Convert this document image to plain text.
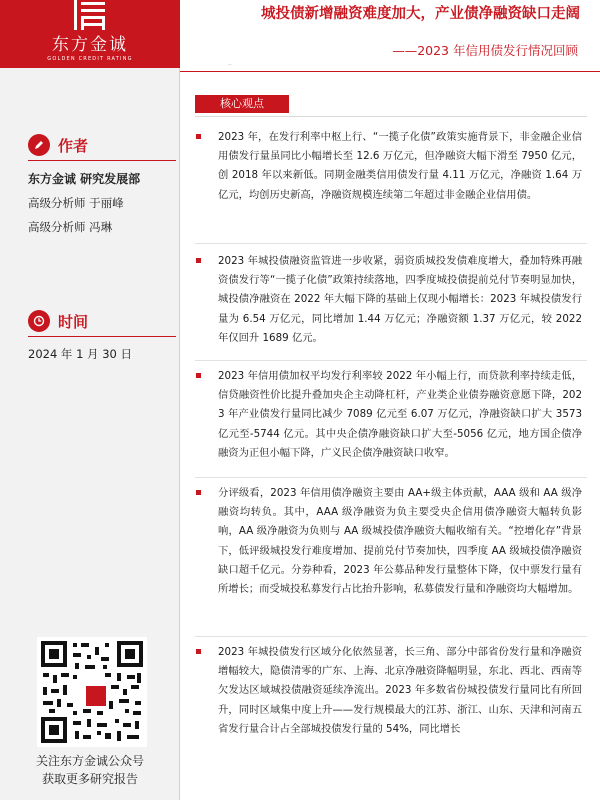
东方金诚
GOLDEN CREDIT RATING
城投债新增融资难度加大，产业债净融资缺口走阔
——2023 年信用债发行情况回顾
··
作者
东方金诚 研究发展部
高级分析师 于丽峰
高级分析师 冯琳
时间
2024 年 1 月 30 日
关注东方金诚公众号
获取更多研究报告
核心观点
2023 年，在发行利率中枢上行、“一揽子化债”政策实施背景下，非金融企业信用债发行量虽同比小幅增长至 12.6 万亿元，但净融资大幅下滑至 7950 亿元，创 2018 年以来新低。同期金融类信用债发行量 4.11 万亿元，净融资 1.64 万亿元，均创历史新高，净融资规模连续第二年超过非金融企业信用债。
2023 年城投债融资监管进一步收紧，弱资质城投发债难度增大，叠加特殊再融资债发行等“一揽子化债”政策持续落地，四季度城投债提前兑付节奏明显加快，城投债净融资在 2022 年大幅下降的基础上仅现小幅增长：2023 年城投债发行量为 6.54 万亿元，同比增加 1.44 万亿元；净融资额 1.37 万亿元，较 2022 年仅回升 1689 亿元。
2023 年信用债加权平均发行利率较 2022 年小幅上行，而贷款利率持续走低，信贷融资性价比提升叠加央企主动降杠杆，产业类企业债券融资意愿下降，2023 年产业债发行量同比减少 7089 亿元至 6.07 万亿元，净融资缺口扩大 3573 亿元至-5744 亿元。其中央企债净融资缺口扩大至-5056 亿元，地方国企债净融资为正但小幅下降，广义民企债净融资缺口收窄。
分评级看，2023 年信用债净融资主要由 AA+级主体贡献，AAA 级和 AA 级净融资均转负。其中，AAA 级净融资为负主要受央企信用债净融资大幅转负影响，AA 级净融资为负则与 AA 级城投债净融资大幅收缩有关。“控增化存”背景下，低评级城投发行难度增加、提前兑付节奏加快，四季度 AA 级城投债净融资缺口超千亿元。分券种看，2023 年公募品种发行量整体下降，仅中票发行量有所增长；而受城投私募发行占比抬升影响，私募债发行量和净融资均大幅增加。
2023 年城投债发行区域分化依然显著，长三角、部分中部省份发行量和净融资增幅较大，隐债清零的广东、上海、北京净融资降幅明显，东北、西北、西南等欠发达区域城投债融资延续净流出。2023 年多数省份城投债发行量同比有所回升，同时区域集中度上升——发行规模最大的江苏、浙江、山东、天津和河南五省发行量合计占全部城投债发行量的 54%，同比增长
